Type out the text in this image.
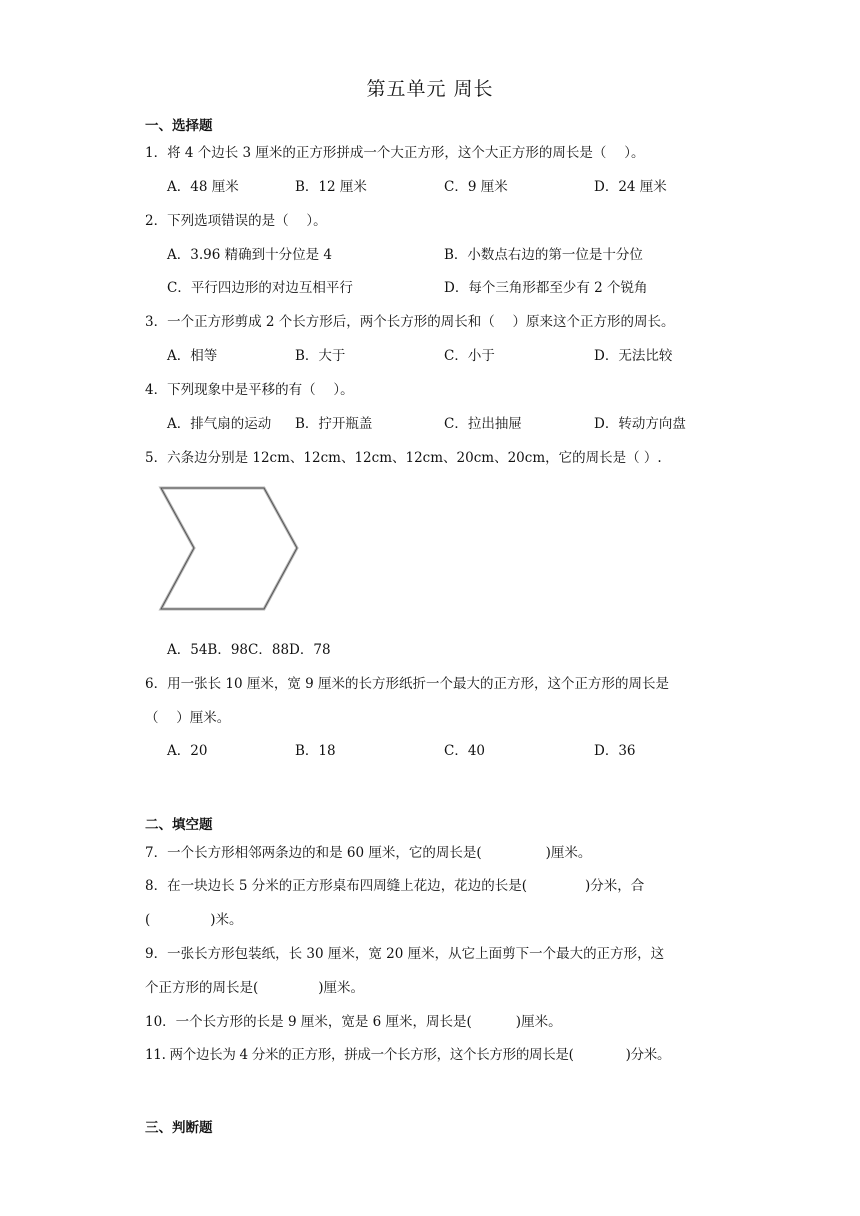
第五单元 周长
一、选择题
1．将 4 个边长 3 厘米的正方形拼成一个大正方形，这个大正方形的周长是（　 ）。
A．48 厘米	B．12 厘米	C．9 厘米	D．24 厘米
2．下列选项错误的是（　 ）。
A．3.96 精确到十分位是 4	B．小数点右边的第一位是十分位
C．平行四边形的对边互相平行	D．每个三角形都至少有 2 个锐角
3．一个正方形剪成 2 个长方形后，两个长方形的周长和（　 ）原来这个正方形的周长。
A．相等	B．大于	C．小于	D．无法比较
4．下列现象中是平移的有（　 ）。
A．排气扇的运动 B．拧开瓶盖	C．拉出抽屉	D．转动方向盘
5．六条边分别是 12cm、12cm、12cm、12cm、20cm、20cm，它的周长是（ ）.
A．54B．98C．88D．78
6．用一张长 10 厘米，宽 9 厘米的长方形纸折一个最大的正方形，这个正方形的周长是
（　 ）厘米。
A．20	B．18	C．40	D．36
二、填空题
7．一个长方形相邻两条边的和是 60 厘米，它的周长是(	)厘米。
8．在一块边长 5 分米的正方形桌布四周缝上花边，花边的长是(	)分米，合
(	)米。
9．一张长方形包装纸，长 30 厘米，宽 20 厘米，从它上面剪下一个最大的正方形，这
个正方形的周长是(	)厘米。
10．一个长方形的长是 9 厘米，宽是 6 厘米，周长是(	)厘米。
11. 两个边长为 4 分米的正方形，拼成一个长方形，这个长方形的周长是(	)分米。
三、判断题
